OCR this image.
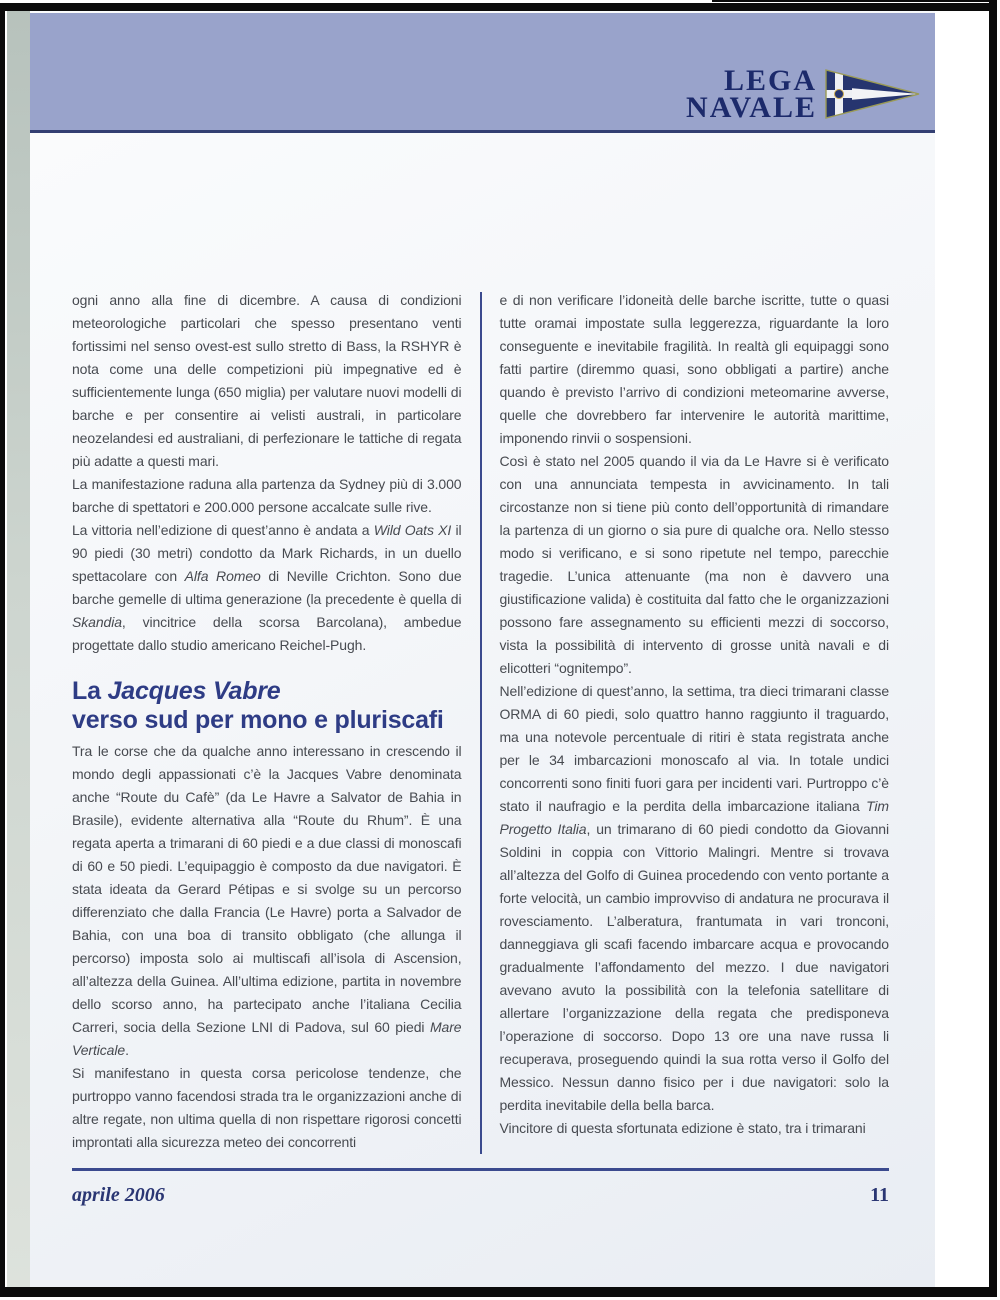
LEGA
NAVALE

ogni anno alla fine di dicembre. A causa di condizioni meteorologiche particolari che spesso presentano venti fortissimi nel senso ovest-est sullo stretto di Bass, la RSHYR è nota come una delle competizioni più impegnative ed è sufficientemente lunga (650 miglia) per valutare nuovi modelli di barche e per consentire ai velisti australi, in particolare neozelandesi ed australiani, di perfezionare le tattiche di regata più adatte a questi mari.

La manifestazione raduna alla partenza da Sydney più di 3.000 barche di spettatori e 200.000 persone accalcate sulle rive.

La vittoria nell’edizione di quest’anno è andata a Wild Oats XI il 90 piedi (30 metri) condotto da Mark Richards, in un duello spettacolare con Alfa Romeo di Neville Crichton. Sono due barche gemelle di ultima generazione (la precedente è quella di Skandia, vincitrice della scorsa Barcolana), ambedue progettate dallo studio americano Reichel-Pugh.

La Jacques Vabre
verso sud per mono e pluriscafi

Tra le corse che da qualche anno interessano in crescendo il mondo degli appassionati c’è la Jacques Vabre denominata anche “Route du Cafè” (da Le Havre a Salvator de Bahia in Brasile), evidente alternativa alla “Route du Rhum”. È una regata aperta a trimarani di 60 piedi e a due classi di monoscafi di 60 e 50 piedi. L’equipaggio è composto da due navigatori. È stata ideata da Gerard Pétipas e si svolge su un percorso differenziato che dalla Francia (Le Havre) porta a Salvador de Bahia, con una boa di transito obbligato (che allunga il percorso) imposta solo ai multiscafi all’isola di Ascension, all’altezza della Guinea. All’ultima edizione, partita in novembre dello scorso anno, ha partecipato anche l’italiana Cecilia Carreri, socia della Sezione LNI di Padova, sul 60 piedi Mare Verticale.

Si manifestano in questa corsa pericolose tendenze, che purtroppo vanno facendosi strada tra le organizzazioni anche di altre regate, non ultima quella di non rispettare rigorosi concetti improntati alla sicurezza meteo dei concorrenti

e di non verificare l’idoneità delle barche iscritte, tutte o quasi tutte oramai impostate sulla leggerezza, riguardante la loro conseguente e inevitabile fragilità. In realtà gli equipaggi sono fatti partire (diremmo quasi, sono obbligati a partire) anche quando è previsto l’arrivo di condizioni meteomarine avverse, quelle che dovrebbero far intervenire le autorità marittime, imponendo rinvii o sospensioni.

Così è stato nel 2005 quando il via da Le Havre si è verificato con una annunciata tempesta in avvicinamento. In tali circostanze non si tiene più conto dell’opportunità di rimandare la partenza di un giorno o sia pure di qualche ora. Nello stesso modo si verificano, e si sono ripetute nel tempo, parecchie tragedie. L’unica attenuante (ma non è davvero una giustificazione valida) è costituita dal fatto che le organizzazioni possono fare assegnamento su efficienti mezzi di soccorso, vista la possibilità di intervento di grosse unità navali e di elicotteri “ognitempo”.

Nell’edizione di quest’anno, la settima, tra dieci trimarani classe ORMA di 60 piedi, solo quattro hanno raggiunto il traguardo, ma una notevole percentuale di ritiri è stata registrata anche per le 34 imbarcazioni monoscafo al via. In totale undici concorrenti sono finiti fuori gara per incidenti vari. Purtroppo c’è stato il naufragio e la perdita della imbarcazione italiana Tim Progetto Italia, un trimarano di 60 piedi condotto da Giovanni Soldini in coppia con Vittorio Malingri. Mentre si trovava all’altezza del Golfo di Guinea procedendo con vento portante a forte velocità, un cambio improvviso di andatura ne procurava il rovesciamento. L’alberatura, frantumata in vari tronconi, danneggiava gli scafi facendo imbarcare acqua e provocando gradualmente l’affondamento del mezzo. I due navigatori avevano avuto la possibilità con la telefonia satellitare di allertare l’organizzazione della regata che predisponeva l’operazione di soccorso. Dopo 13 ore una nave russa li recuperava, proseguendo quindi la sua rotta verso il Golfo del Messico. Nessun danno fisico per i due navigatori: solo la perdita inevitabile della bella barca.

Vincitore di questa sfortunata edizione è stato, tra i trimarani

aprile 2006	11
